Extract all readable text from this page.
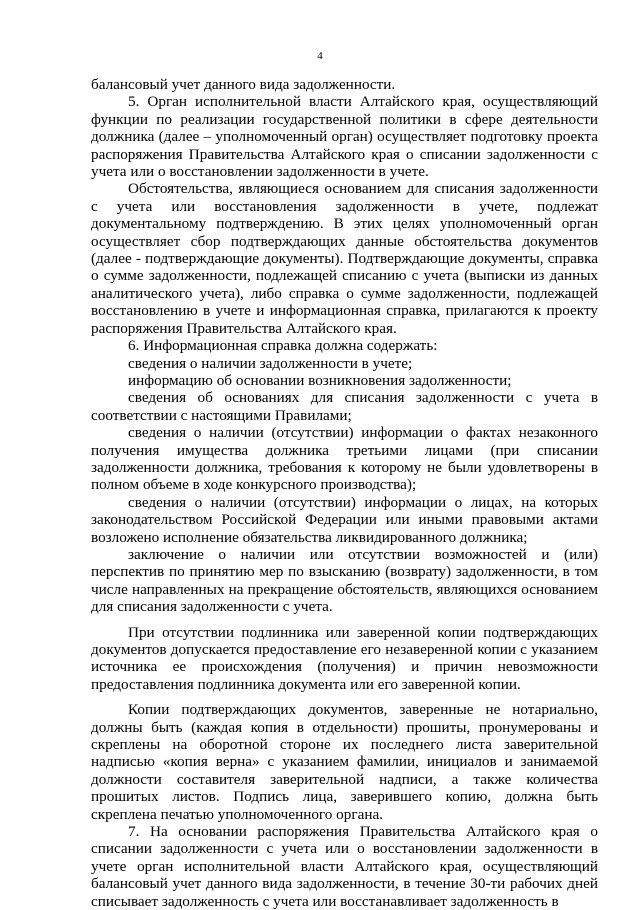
4

балансовый учет данного вида задолженности.

5. Орган исполнительной власти Алтайского края, осуществляющий функции по реализации государственной политики в сфере деятельности должника (далее – уполномоченный орган) осуществляет подготовку проекта распоряжения Правительства Алтайского края о списании задолженности с учета или о восстановлении задолженности в учете.

Обстоятельства, являющиеся основанием для списания задолженности с учета или восстановления задолженности в учете, подлежат документальному подтверждению. В этих целях уполномоченный орган осуществляет сбор подтверждающих данные обстоятельства документов (далее - подтверждающие документы). Подтверждающие документы, справка о сумме задолженности, подлежащей списанию с учета (выписки из данных аналитического учета), либо справка о сумме задолженности, подлежащей восстановлению в учете и информационная справка, прилагаются к проекту распоряжения Правительства Алтайского края.

6. Информационная справка должна содержать:

сведения о наличии задолженности в учете;

информацию об основании возникновения задолженности;

сведения об основаниях для списания задолженности с учета в соответствии с настоящими Правилами;

сведения о наличии (отсутствии) информации о фактах незаконного получения имущества должника третьими лицами (при списании задолженности должника, требования к которому не были удовлетворены в полном объеме в ходе конкурсного производства);

сведения о наличии (отсутствии) информации о лицах, на которых законодательством Российской Федерации или иными правовыми актами возложено исполнение обязательства ликвидированного должника;

заключение о наличии или отсутствии возможностей и (или) перспектив по принятию мер по взысканию (возврату) задолженности, в том числе направленных на прекращение обстоятельств, являющихся основанием для списания задолженности с учета.

При отсутствии подлинника или заверенной копии подтверждающих документов допускается предоставление его незаверенной копии с указанием источника ее происхождения (получения) и причин невозможности предоставления подлинника документа или его заверенной копии.

Копии подтверждающих документов, заверенные не нотариально, должны быть (каждая копия в отдельности) прошиты, пронумерованы и скреплены на оборотной стороне их последнего листа заверительной надписью «копия верна» с указанием фамилии, инициалов и занимаемой должности составителя заверительной надписи, а также количества прошитых листов. Подпись лица, заверившего копию, должна быть скреплена печатью уполномоченного органа.

7. На основании распоряжения Правительства Алтайского края о списании задолженности с учета или о восстановлении задолженности в учете орган исполнительной власти Алтайского края, осуществляющий балансовый учет данного вида задолженности, в течение 30-ти рабочих дней списывает задолженность с учета или восстанавливает задолженность в
